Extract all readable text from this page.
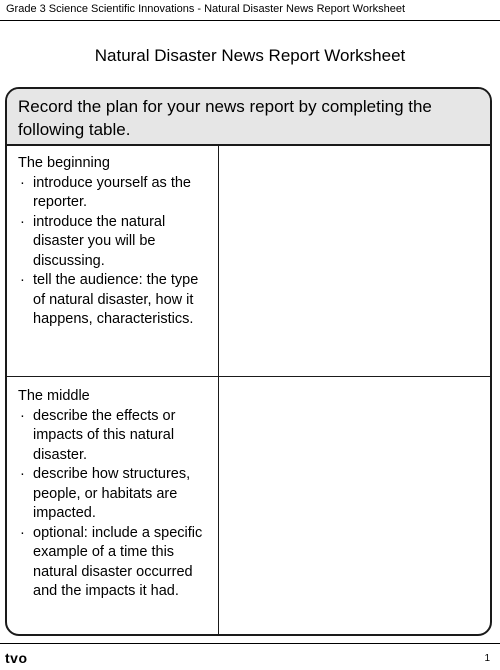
Grade 3 Science Scientific Innovations - Natural Disaster News Report Worksheet
Natural Disaster News Report Worksheet
Record the plan for your news report by completing the following table.
The beginning
· introduce yourself as the reporter.
· introduce the natural disaster you will be discussing.
· tell the audience: the type of natural disaster, how it happens, characteristics.
The middle
· describe the effects or impacts of this natural disaster.
· describe how structures, people, or habitats are impacted.
· optional: include a specific example of a time this natural disaster occurred and the impacts it had.
tvo	1
